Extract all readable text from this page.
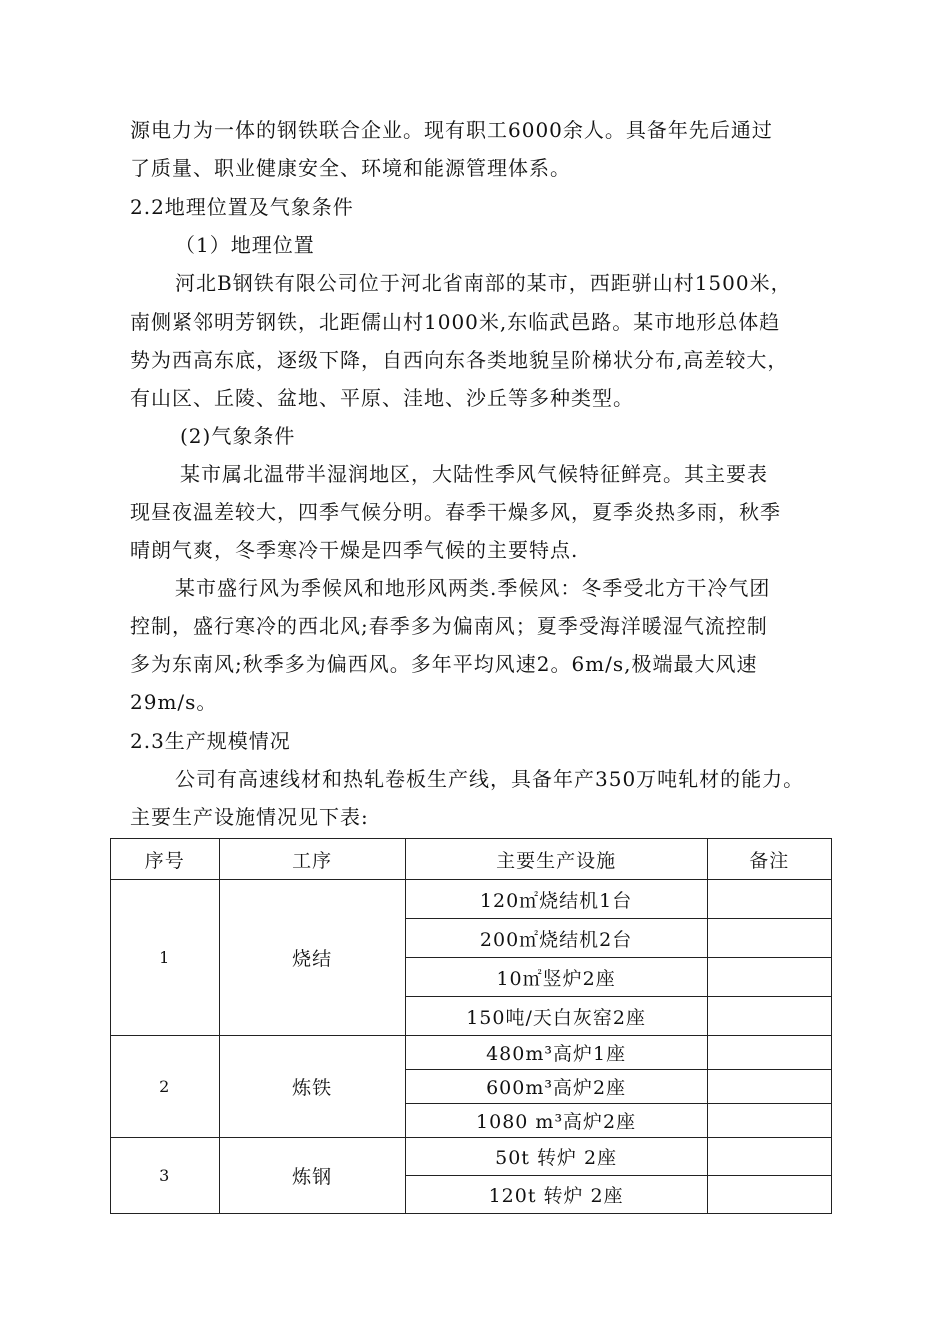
源电力为一体的钢铁联合企业。现有职工6000余人。具备年先后通过
了质量、职业健康安全、环境和能源管理体系。
2.2地理位置及气象条件
（1）地理位置
河北B钢铁有限公司位于河北省南部的某市，西距骈山村1500米，
南侧紧邻明芳钢铁，北距儒山村1000米,东临武邑路。某市地形总体趋
势为西高东底，逐级下降，自西向东各类地貌呈阶梯状分布,高差较大，
有山区、丘陵、盆地、平原、洼地、沙丘等多种类型。
(2)气象条件
某市属北温带半湿润地区，大陆性季风气候特征鲜亮。其主要表
现昼夜温差较大，四季气候分明。春季干燥多风，夏季炎热多雨，秋季
晴朗气爽，冬季寒冷干燥是四季气候的主要特点.
某市盛行风为季候风和地形风两类.季候风：冬季受北方干冷气团
控制，盛行寒冷的西北风;春季多为偏南风；夏季受海洋暖湿气流控制
多为东南风;秋季多为偏西风。多年平均风速2。6m/s,极端最大风速
29m/s。
2.3生产规模情况
公司有高速线材和热轧卷板生产线，具备年产350万吨轧材的能力。
主要生产设施情况见下表:
序号	工序	主要生产设施	备注
1	烧结	120㎡烧结机1台	
		200㎡烧结机2台	
		10㎡竖炉2座	
		150吨/天白灰窑2座	
2	炼铁	480m³高炉1座	
		600m³高炉2座	
		1080 m³高炉2座	
3	炼钢	50t 转炉 2座	
		120t 转炉 2座	
